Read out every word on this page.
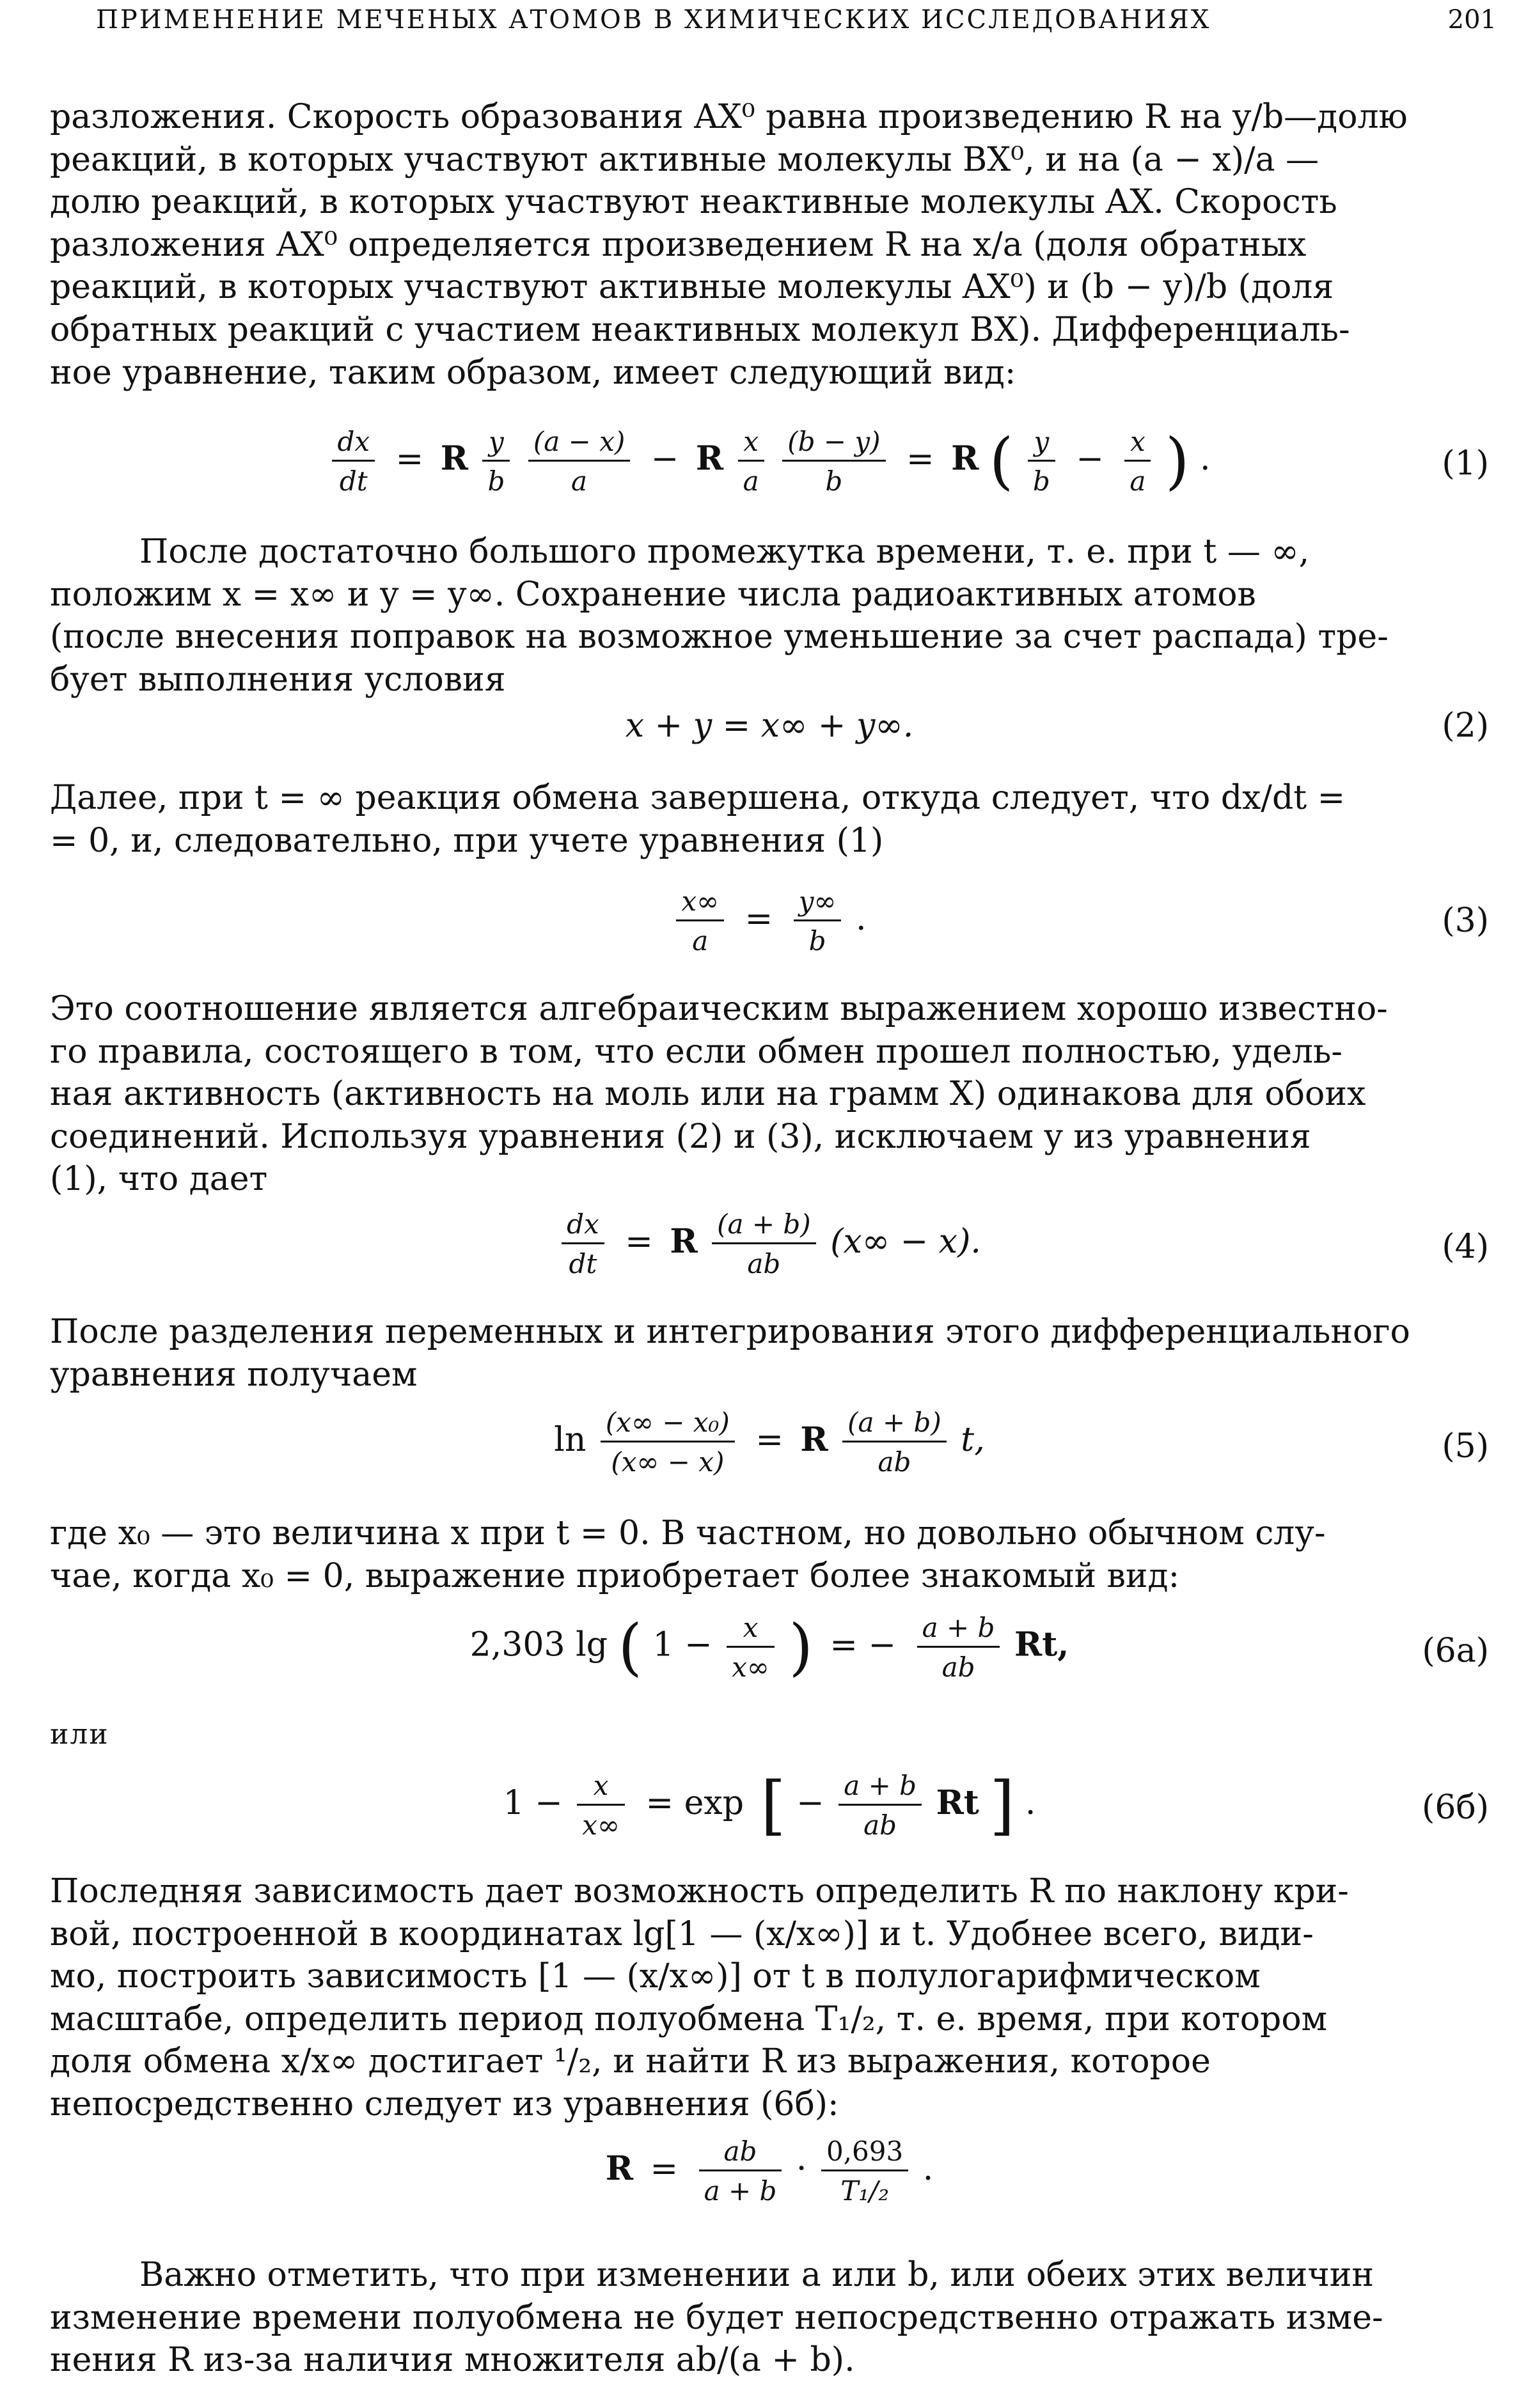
ПРИМЕНЕНИЕ МЕЧЕНЫХ АТОМОВ В ХИМИЧЕСКИХ ИССЛЕДОВАНИЯХ	201
разложения. Скорость образования AX⁰ равна произведению R на y/b—долю
реакций, в которых участвуют активные молекулы BX⁰, и на (a − x)/a —
долю реакций, в которых участвуют неактивные молекулы AX. Скорость
разложения AX⁰ определяется произведением R на x/a (доля обратных
реакций, в которых участвуют активные молекулы AX⁰) и (b − y)/b (доля
обратных реакций с участием неактивных молекул BX). Дифференциаль-
ное уравнение, таким образом, имеет следующий вид:
$\frac{dx}{dt} = R \frac{y}{b}$
$\frac{(a - x)}{a} - R \frac{x}{a}$
$\frac{(b - y)}{b} = R$ ( $\frac{y}{b} - \frac{x}{a}$ ) .	(1)
После достаточно большого промежутка времени, т. е. при t — ∞,
положим x = x∞ и y = y∞. Сохранение числа радиоактивных атомов
(после внесения поправок на возможное уменьшение за счет распада) тре-
бует выполнения условия
x + y = x∞ + y∞.	(2)
Далее, при t = ∞ реакция обмена завершена, откуда следует, что dx/dt =
= 0, и, следовательно, при учете уравнения (1)
$\frac{x\infty}{a} = \frac{y\infty}{b}$ .	(3)
Это соотношение является алгебраическим выражением хорошо известно-
го правила, состоящего в том, что если обмен прошел полностью, удель-
ная активность (активность на моль или на грамм X) одинакова для обоих
соединений. Используя уравнения (2) и (3), исключаем y из уравнения
(1), что дает
$\frac{dx}{dt} = R \frac{(a + b)}{ab} (x\infty - x)$.	(4)
После разделения переменных и интегрирования этого дифференциального
уравнения получаем
$\ln \frac{\text{(x∞ − x₀)}}{(x\infty - x)} = R \frac{(a + b)}{ab} t$,	(5)
где x₀ — это величина x при t = 0. В частном, но довольно обычном слу-
чае, когда x₀ = 0, выражение приобретает более знакомый вид:
2,303 lg ( $1 - \frac{x}{x\infty}$ ) = − $\frac{a + b}{ab} Rt$,	(6а)
или
$1 - \frac{x}{x\infty} = \exp$ [ − $\frac{a + b}{ab}$ Rt ] .	(6б)
Последняя зависимость дает возможность определить R по наклону кри-
вой, построенной в координатах lg[1 — (x/x∞)] и t. Удобнее всего, види-
мо, построить зависимость [1 — (x/x∞)] от t в полулогарифмическом
масштабе, определить период полуобмена T₁/₂, т. е. время, при котором
доля обмена x/x∞ достигает ¹/₂, и найти R из выражения, которое
непосредственно следует из уравнения (6б):
$R = \frac{ab}{a + b} \cdot \frac{0,693}{\text{T₁/₂}}$ .
Важно отметить, что при изменении a или b, или обеих этих величин
изменение времени полуобмена не будет непосредственно отражать изме-
нения R из-за наличия множителя ab/(a + b).
